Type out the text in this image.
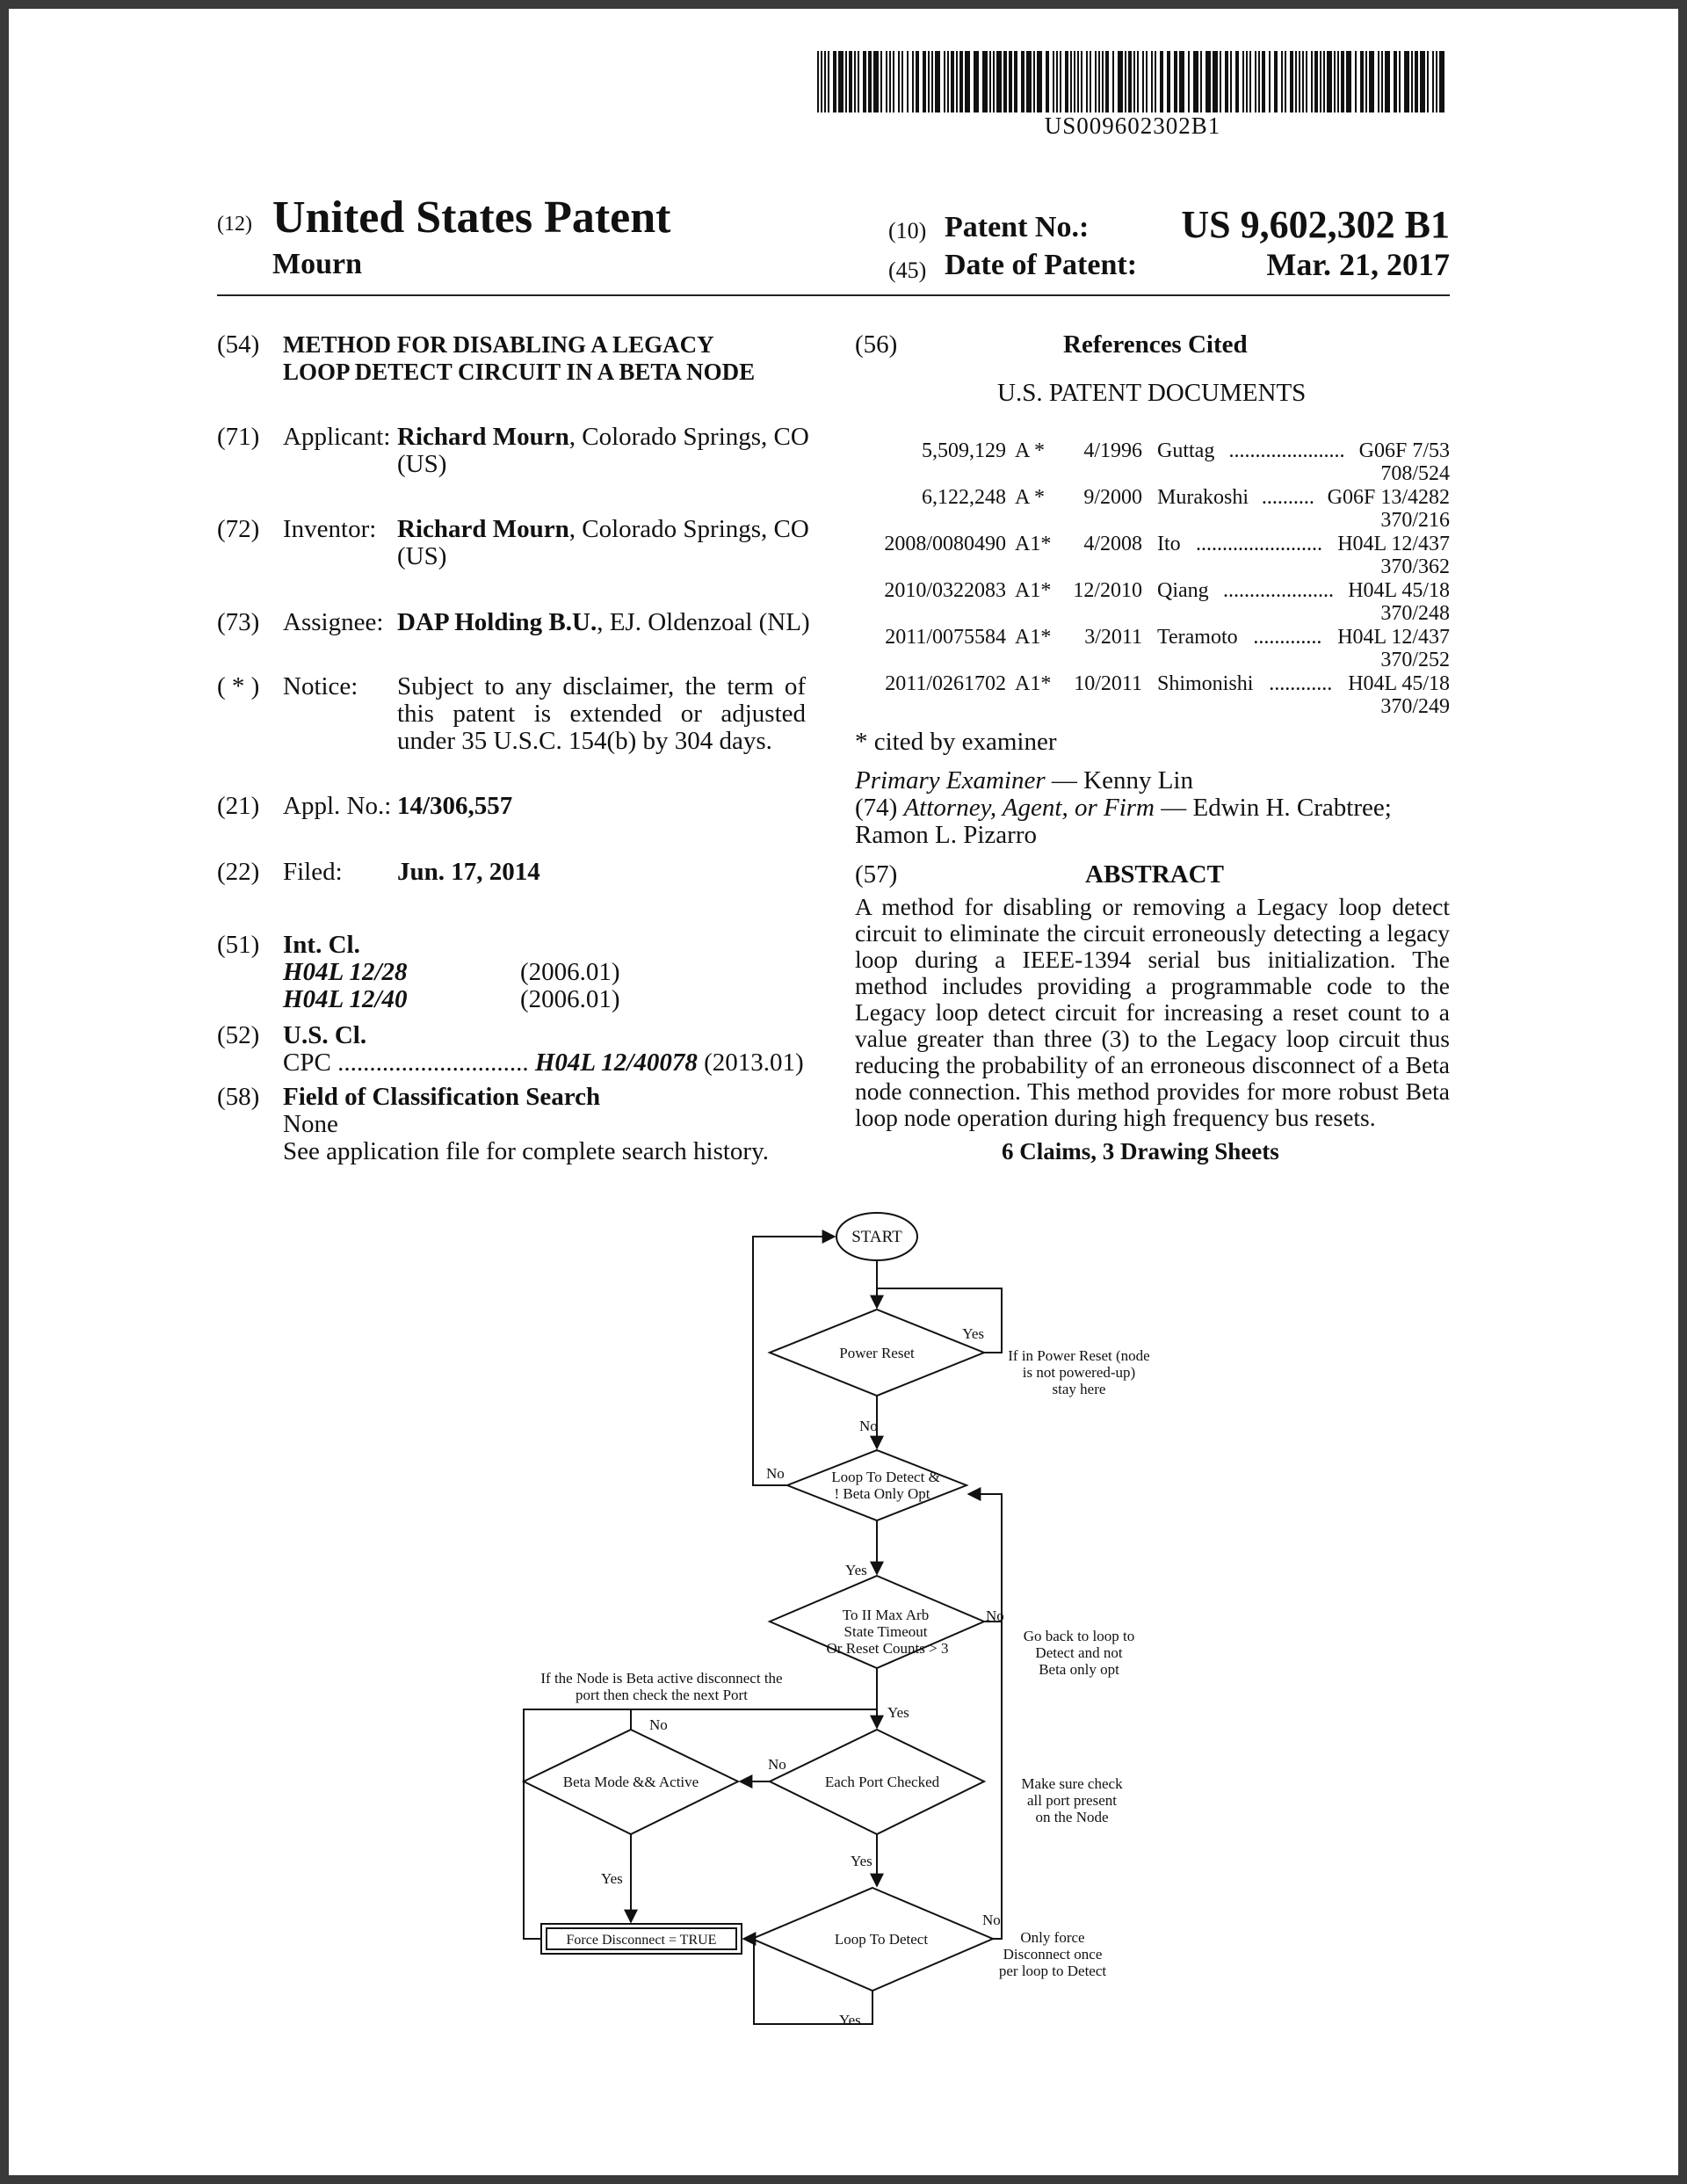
US009602302B1
(12) United States Patent
Mourn
(10) Patent No.:	US 9,602,302 B1
(45) Date of Patent:	Mar. 21, 2017
(54) METHOD FOR DISABLING A LEGACY
LOOP DETECT CIRCUIT IN A BETA NODE
(71) Applicant: Richard Mourn, Colorado Springs, CO
(US)
(72) Inventor: Richard Mourn, Colorado Springs, CO
(US)
(73) Assignee: DAP Holding B.U., EJ. Oldenzoal (NL)
( * ) Notice: Subject to any disclaimer, the term of this patent is extended or adjusted under 35 U.S.C. 154(b) by 304 days.
(21) Appl. No.: 14/306,557
(22) Filed: Jun. 17, 2014
(51) Int. Cl.
H04L 12/28	(2006.01)
H04L 12/40	(2006.01)
(52) U.S. Cl.
CPC .............................. H04L 12/40078 (2013.01)
(58) Field of Classification Search
None
See application file for complete search history.
(56)	References Cited
U.S. PATENT DOCUMENTS
5,509,129 A *	4/1996 Guttag ...................... G06F 7/53
708/524
6,122,248 A *	9/2000 Murakoshi .......... G06F 13/4282
370/216
2008/0080490 A1*	4/2008 Ito ........................ H04L 12/437
370/362
2010/0322083 A1*	12/2010 Qiang ..................... H04L 45/18
370/248
2011/0075584 A1*	3/2011 Teramoto ............. H04L 12/437
370/252
2011/0261702 A1*	10/2011 Shimonishi ............ H04L 45/18
370/249
* cited by examiner
Primary Examiner — Kenny Lin
(74) Attorney, Agent, or Firm — Edwin H. Crabtree;
Ramon L. Pizarro
(57)	ABSTRACT
A method for disabling or removing a Legacy loop detect circuit to eliminate the circuit erroneously detecting a legacy loop during a IEEE-1394 serial bus initialization. The method includes providing a programmable code to the Legacy loop detect circuit for increasing a reset count to a value greater than three (3) to the Legacy loop circuit thus reducing the probability of an erroneous disconnect of a Beta node connection. This method provides for more robust Beta loop node operation during high frequency bus resets.
6 Claims, 3 Drawing Sheets
START
Power Reset
Yes
If in Power Reset (node
is not powered-up)
stay here
No
No	Loop To Detect &
! Beta Only Opt
Yes
To II Max Arb
State Timeout
Or Reset Counts > 3
No
Go back to loop to
Detect and not
Beta only opt
If the Node is Beta active disconnect the
port then check the next Port
Yes
No
No
Beta Mode && Active	Each Port Checked	Make sure check
all port present
on the Node
Yes
Yes
Force Disconnect = TRUE	Loop To Detect
No
Only force
Disconnect once
per loop to Detect
Yes
